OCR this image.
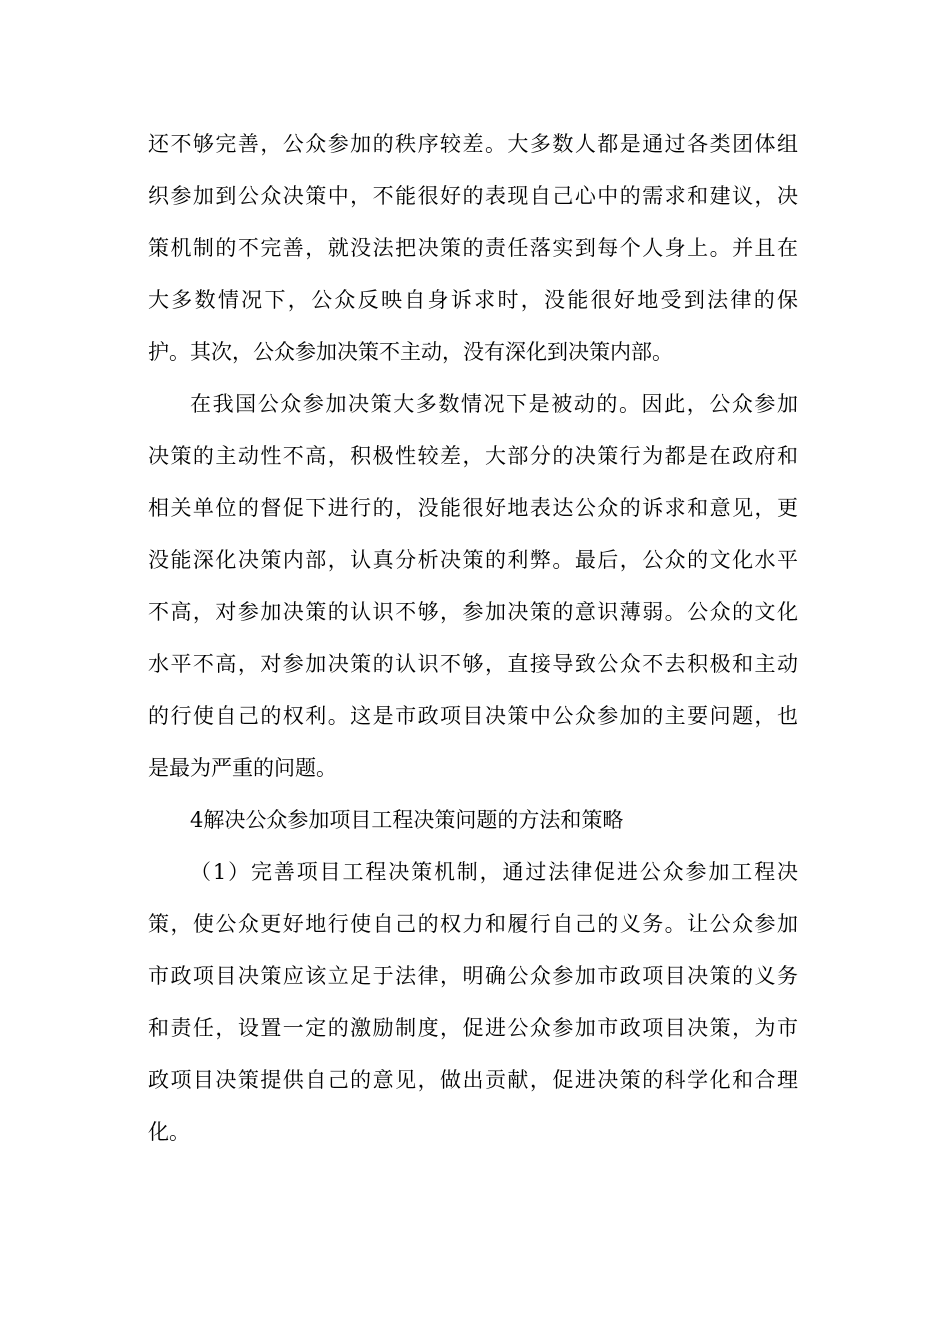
还不够完善，公众参加的秩序较差。大多数人都是通过各类团体组
织参加到公众决策中，不能很好的表现自己心中的需求和建议，决
策机制的不完善，就没法把决策的责任落实到每个人身上。并且在
大多数情况下，公众反映自身诉求时，没能很好地受到法律的保
护。其次，公众参加决策不主动，没有深化到决策内部。
在我国公众参加决策大多数情况下是被动的。因此，公众参加
决策的主动性不高，积极性较差，大部分的决策行为都是在政府和
相关单位的督促下进行的，没能很好地表达公众的诉求和意见，更
没能深化决策内部，认真分析决策的利弊。最后，公众的文化水平
不高，对参加决策的认识不够，参加决策的意识薄弱。公众的文化
水平不高，对参加决策的认识不够，直接导致公众不去积极和主动
的行使自己的权利。这是市政项目决策中公众参加的主要问题，也
是最为严重的问题。
4解决公众参加项目工程决策问题的方法和策略
（1）完善项目工程决策机制，通过法律促进公众参加工程决
策，使公众更好地行使自己的权力和履行自己的义务。让公众参加
市政项目决策应该立足于法律，明确公众参加市政项目决策的义务
和责任，设置一定的激励制度，促进公众参加市政项目决策，为市
政项目决策提供自己的意见，做出贡献，促进决策的科学化和合理
化。
